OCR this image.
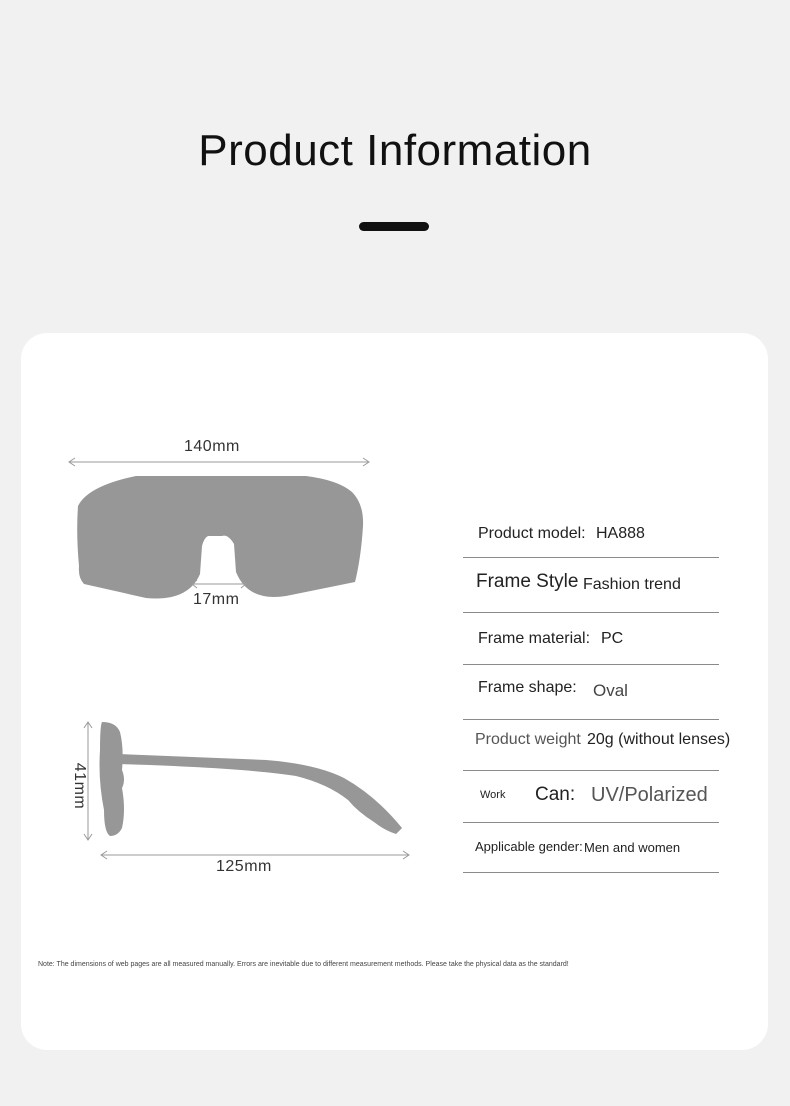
Product Information
140mm
17mm
41mm
125mm
Product model: HA888
Frame Style Fashion trend
Frame material: PC
Frame shape: Oval
Product weight 20g (without lenses)
Work Can: UV/Polarized
Applicable gender: Men and women
Note: The dimensions of web pages are all measured manually. Errors are inevitable due to different measurement methods. Please take the physical data as the standard!
